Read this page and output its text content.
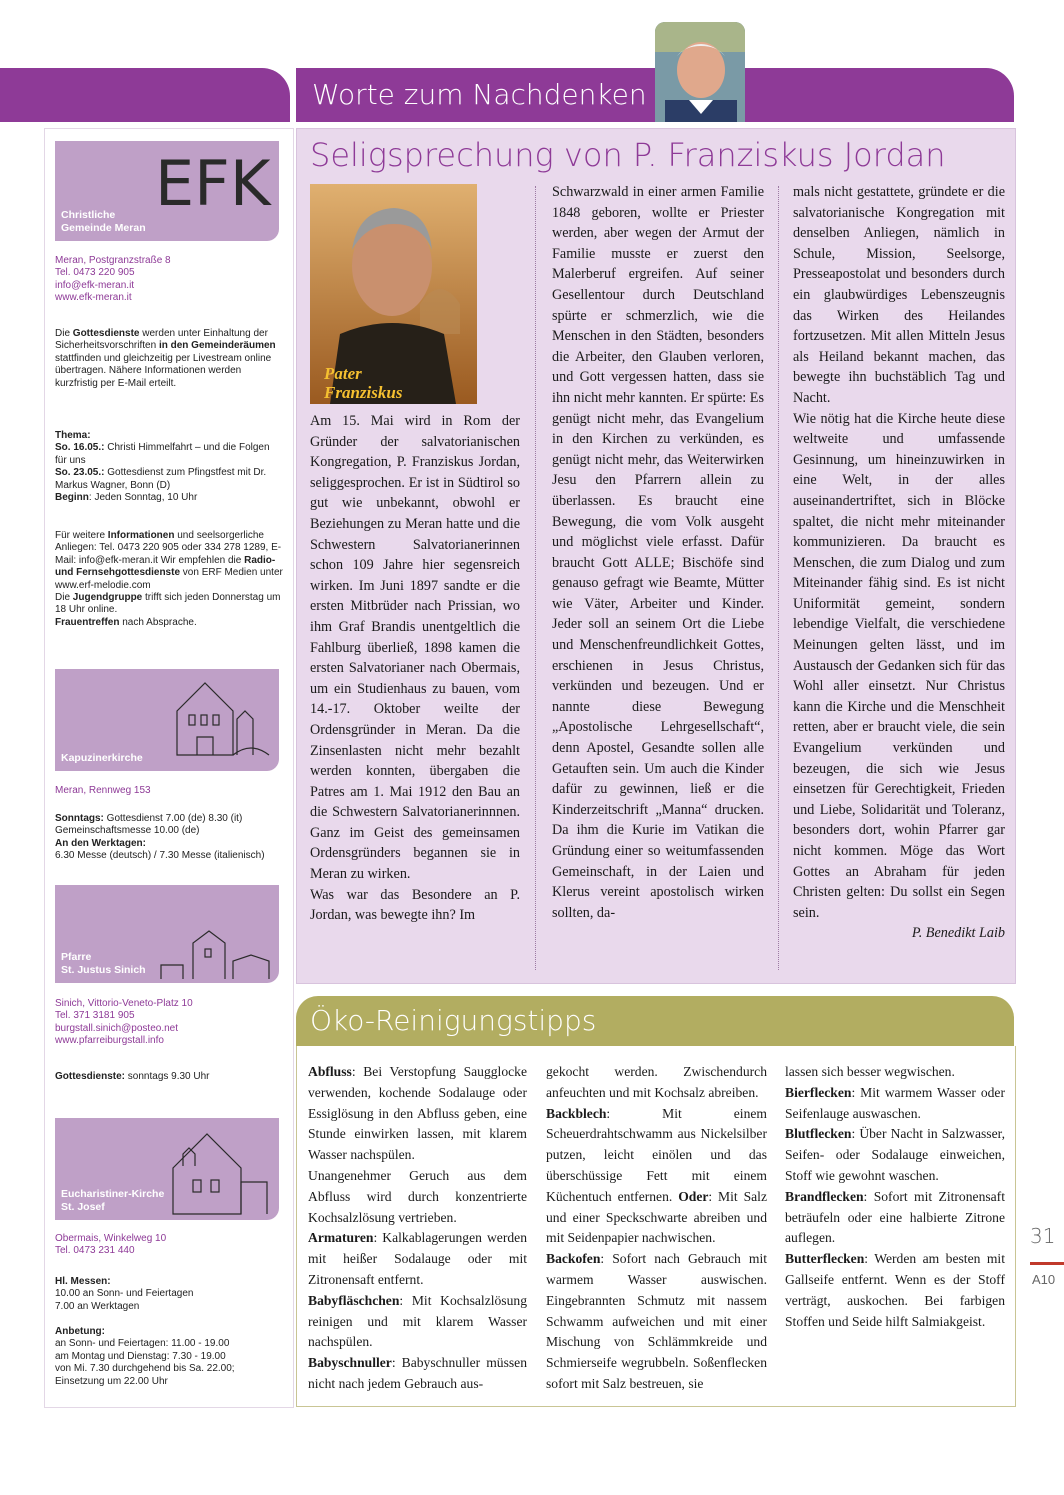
Worte zum Nachdenken
EFK
Christliche
Gemeinde Meran
Meran, Postgranzstraße 8
Tel. 0473 220 905
info@efk-meran.it
www.efk-meran.it
Die Gottesdienste werden unter Einhaltung der Sicherheitsvorschriften in den Gemeinderäumen stattfinden und gleichzeitig per Livestream online übertragen. Nähere Informationen werden kurzfristig per E-Mail erteilt.
Thema:
So. 16.05.: Christi Himmelfahrt – und die Folgen für uns
So. 23.05.: Gottesdienst zum Pfingstfest mit Dr. Markus Wagner, Bonn (D)
Beginn: Jeden Sonntag, 10 Uhr
Für weitere Informationen und seelsorgerliche Anliegen: Tel. 0473 220 905 oder 334 278 1289, E-Mail: info@efk-meran.it Wir empfehlen die Radio- und Fernsehgottesdienste von ERF Medien unter www.erf-melodie.com
Die Jugendgruppe trifft sich jeden Donnerstag um 18 Uhr online.
Frauentreffen nach Absprache.
Kapuzinerkirche
Meran, Rennweg 153
Sonntags: Gottesdienst 7.00 (de) 8.30 (it) Gemeinschaftsmesse 10.00 (de)
An den Werktagen:
6.30 Messe (deutsch) / 7.30 Messe (italienisch)
Pfarre
St. Justus Sinich
Sinich, Vittorio-Veneto-Platz 10
Tel. 371 3181 905
burgstall.sinich@posteo.net
www.pfarreiburgstall.info
Gottesdienste: sonntags 9.30 Uhr
Eucharistiner-Kirche
St. Josef
Obermais, Winkelweg 10
Tel. 0473 231 440
Hl. Messen:
10.00 an Sonn- und Feiertagen
7.00 an Werktagen
Anbetung:
an Sonn- und Feiertagen: 11.00 - 19.00
am Montag und Dienstag: 7.30 - 19.00
von Mi. 7.30 durchgehend bis Sa. 22.00;
Einsetzung um 22.00 Uhr
Seligsprechung von P. Franziskus Jordan
Pater
Franziskus

Am 15. Mai wird in Rom der Gründer der salvatorianischen Kongregation, P. Franziskus Jordan, seliggesprochen. Er ist in Südtirol so gut wie unbekannt, obwohl er Beziehungen zu Meran hatte und die Schwestern Salvatorianerinnen schon 109 Jahre hier segensreich wirken. Im Juni 1897 sandte er die ersten Mitbrüder nach Prissian, wo ihm Graf Brandis unentgeltlich die Fahlburg überließ, 1898 kamen die ersten Salvatorianer nach Obermais, um ein Studienhaus zu bauen, vom 14.-17. Oktober weilte der Ordensgründer in Meran. Da die Zinsenlasten nicht mehr bezahlt werden konnten, übergaben die Patres am 1. Mai 1912 den Bau an die Schwestern Salvatorianerinnnen. Ganz im Geist des gemeinsamen Ordensgründers begannen sie in Meran zu wirken.

Was war das Besondere an P. Jordan, was bewegte ihn? Im

Schwarzwald in einer armen Familie 1848 geboren, wollte er Priester werden, aber wegen der Armut der Familie musste er zuerst den Malerberuf ergreifen. Auf seiner Gesellentour durch Deutschland spürte er schmerzlich, wie die Menschen in den Städten, besonders die Arbeiter, den Glauben verloren, und Gott vergessen hatten, dass sie ihn nicht mehr kannten. Er spürte: Es genügt nicht mehr, das Evangelium in den Kirchen zu verkünden, es genügt nicht mehr, das Weiterwirken Jesu den Pfarrern allein zu überlassen. Es braucht eine Bewegung, die vom Volk ausgeht und möglichst viele erfasst. Dafür braucht Gott ALLE; Bischöfe sind genauso gefragt wie Beamte, Mütter wie Väter, Arbeiter und Kinder. Jeder soll an seinem Ort die Liebe und Menschenfreundlichkeit Gottes, erschienen in Jesus Christus, verkünden und bezeugen. Und er nannte diese Bewegung „Apostolische Lehrgesellschaft“, denn Apostel, Gesandte sollen alle Getauften sein. Um auch die Kinder dafür zu gewinnen, ließ er die Kinderzeitschrift „Manna“ drucken. Da ihm die Kurie im Vatikan die Gründung einer so weitumfassenden Gemeinschaft, in der Laien und Klerus vereint apostolisch wirken sollten, da-

mals nicht gestattete, gründete er die salvatorianische Kongregation mit denselben Anliegen, nämlich in Schule, Mission, Seelsorge, Presseapostolat und besonders durch ein glaubwürdiges Lebenszeugnis das Wirken des Heilandes fortzusetzen. Mit allen Mitteln Jesus als Heiland bekannt machen, das bewegte ihn buchstäblich Tag und Nacht.

Wie nötig hat die Kirche heute diese weltweite und umfassende Gesinnung, um hineinzuwirken in eine Welt, in der alles auseinandertriftet, sich in Blöcke spaltet, die nicht mehr miteinander kommunizieren. Da braucht es Menschen, die zum Dialog und zum Miteinander fähig sind. Es ist nicht Uniformität gemeint, sondern lebendige Vielfalt, die verschiedene Meinungen gelten lässt, und im Austausch der Gedanken sich für das Wohl aller einsetzt. Nur Christus kann die Kirche und die Menschheit retten, aber er braucht viele, die sein Evangelium verkünden und bezeugen, die sich wie Jesus einsetzen für Gerechtigkeit, Frieden und Liebe, Solidarität und Toleranz, besonders dort, wohin Pfarrer gar nicht kommen. Möge das Wort Gottes an Abraham für jeden Christen gelten: Du sollst ein Segen sein.

P. Benedikt Laib

Öko-Reinigungstipps

Abfluss: Bei Verstopfung Saugglocke verwenden, kochende Sodalauge oder Essiglösung in den Abfluss geben, eine Stunde einwirken lassen, mit klarem Wasser nachspülen.

Unangenehmer Geruch aus dem Abfluss wird durch konzentrierte Kochsalzlösung vertrieben.

Armaturen: Kalkablagerungen werden mit heißer Sodalauge oder mit Zitronensaft entfernt.

Babyfläschchen: Mit Kochsalzlösung reinigen und mit klarem Wasser nachspülen.

Babyschnuller: Babyschnuller müssen nicht nach jedem Gebrauch aus-

gekocht werden. Zwischendurch anfeuchten und mit Kochsalz abreiben.

Backblech: Mit einem Scheuerdrahtschwamm aus Nickelsilber putzen, leicht einölen und das überschüssige Fett mit einem Küchentuch entfernen. Oder: Mit Salz und einer Speckschwarte abreiben und mit Seidenpapier nachwischen.

Backofen: Sofort nach Gebrauch mit warmem Wasser auswischen. Eingebrannten Schmutz mit nassem Schwamm aufweichen und mit einer Mischung von Schlämmkreide und Schmierseife wegrubbeln. Soßenflecken sofort mit Salz bestreuen, sie

lassen sich besser wegwischen.

Bierflecken: Mit warmem Wasser oder Seifenlauge auswaschen.

Blutflecken: Über Nacht in Salzwasser, Seifen- oder Sodalauge einweichen, Stoff wie gewohnt waschen.

Brandflecken: Sofort mit Zitronensaft beträufeln oder eine halbierte Zitrone auflegen.

Butterflecken: Werden am besten mit Gallseife entfernt. Wenn es der Stoff verträgt, auskochen. Bei farbigen Stoffen und Seide hilft Salmiakgeist.

31
A10
